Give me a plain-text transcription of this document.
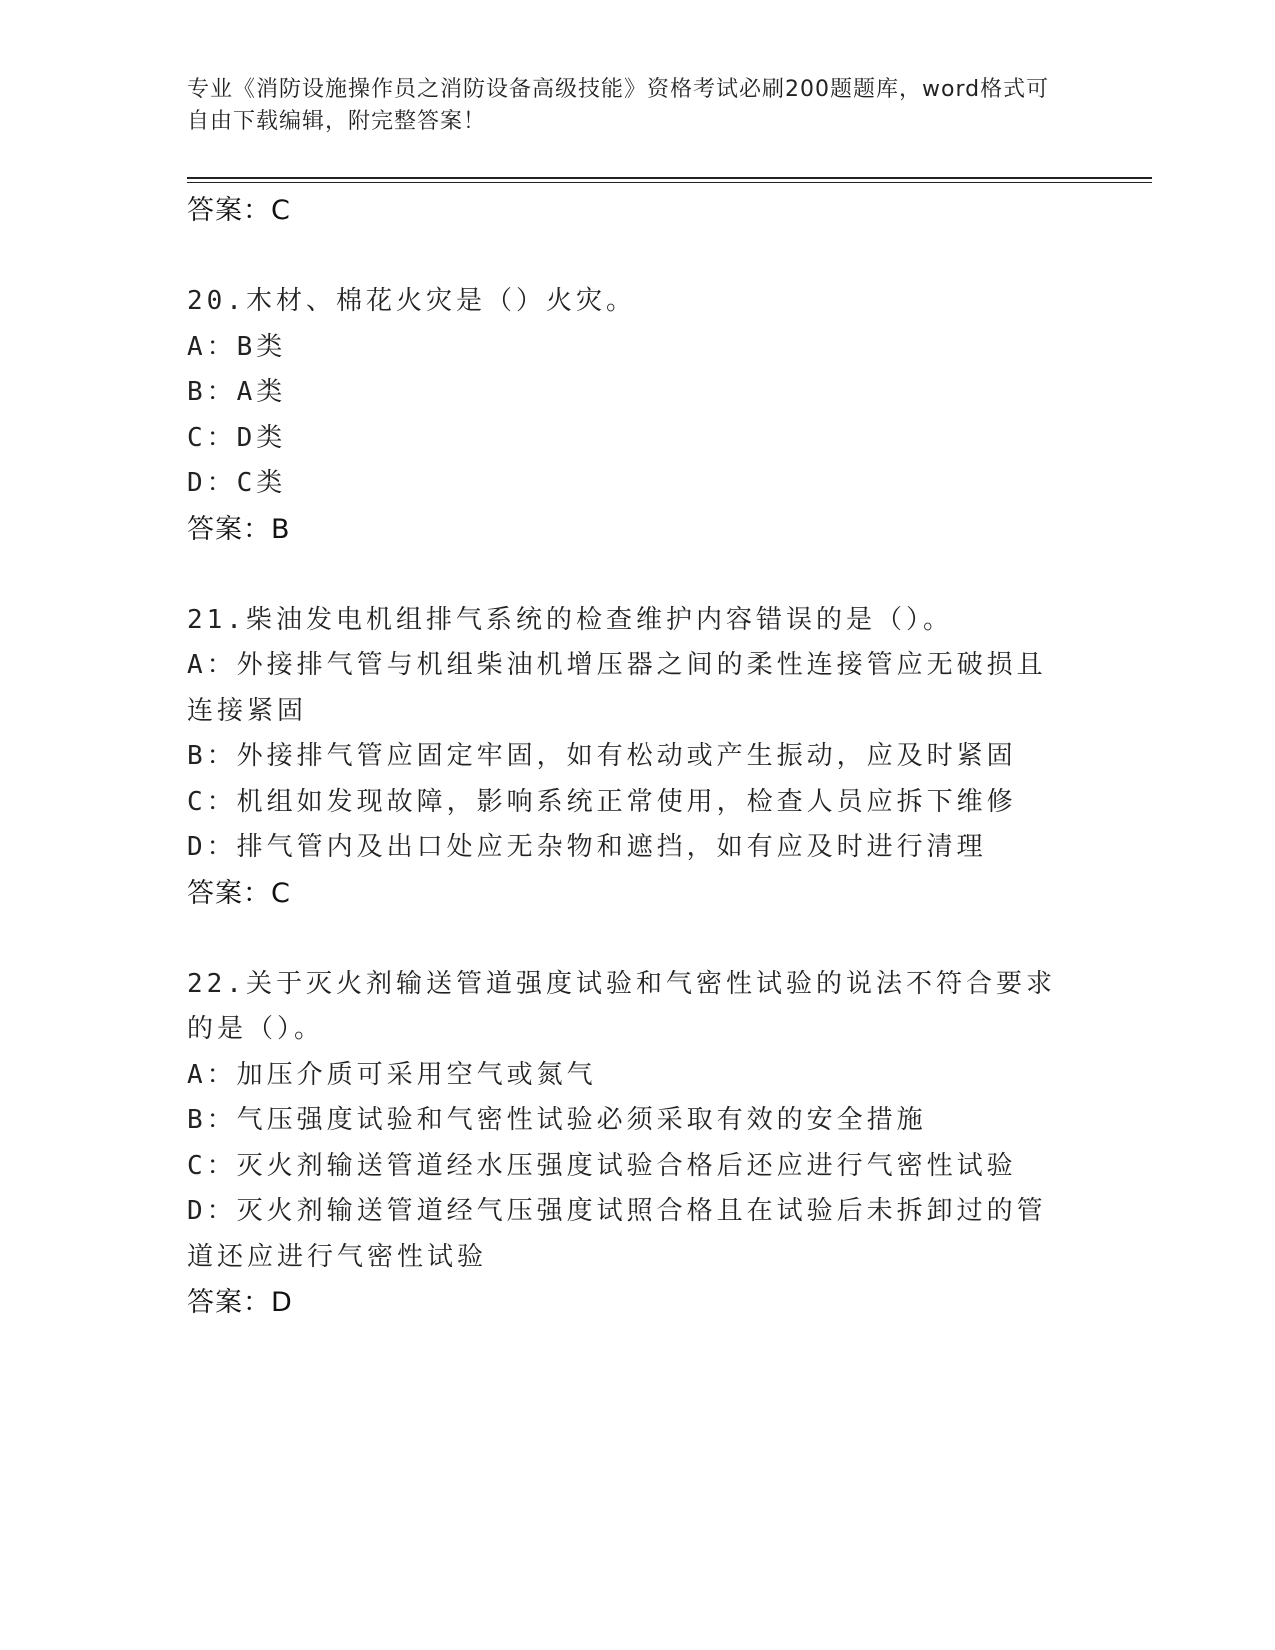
专业《消防设施操作员之消防设备高级技能》资格考试必刷200题题库，word格式可自由下载编辑，附完整答案！
答案：C
20.木材、棉花火灾是（）火灾。
A：B类
B：A类
C：D类
D：C类
答案：B
21.柴油发电机组排气系统的检查维护内容错误的是（）。
A：外接排气管与机组柴油机增压器之间的柔性连接管应无破损且连接紧固
B：外接排气管应固定牢固，如有松动或产生振动，应及时紧固
C：机组如发现故障，影响系统正常使用，检查人员应拆下维修
D：排气管内及出口处应无杂物和遮挡，如有应及时进行清理
答案：C
22.关于灭火剂输送管道强度试验和气密性试验的说法不符合要求的是（）。
A：加压介质可采用空气或氮气
B：气压强度试验和气密性试验必须采取有效的安全措施
C：灭火剂输送管道经水压强度试验合格后还应进行气密性试验
D：灭火剂输送管道经气压强度试照合格且在试验后未拆卸过的管道还应进行气密性试验
答案：D
